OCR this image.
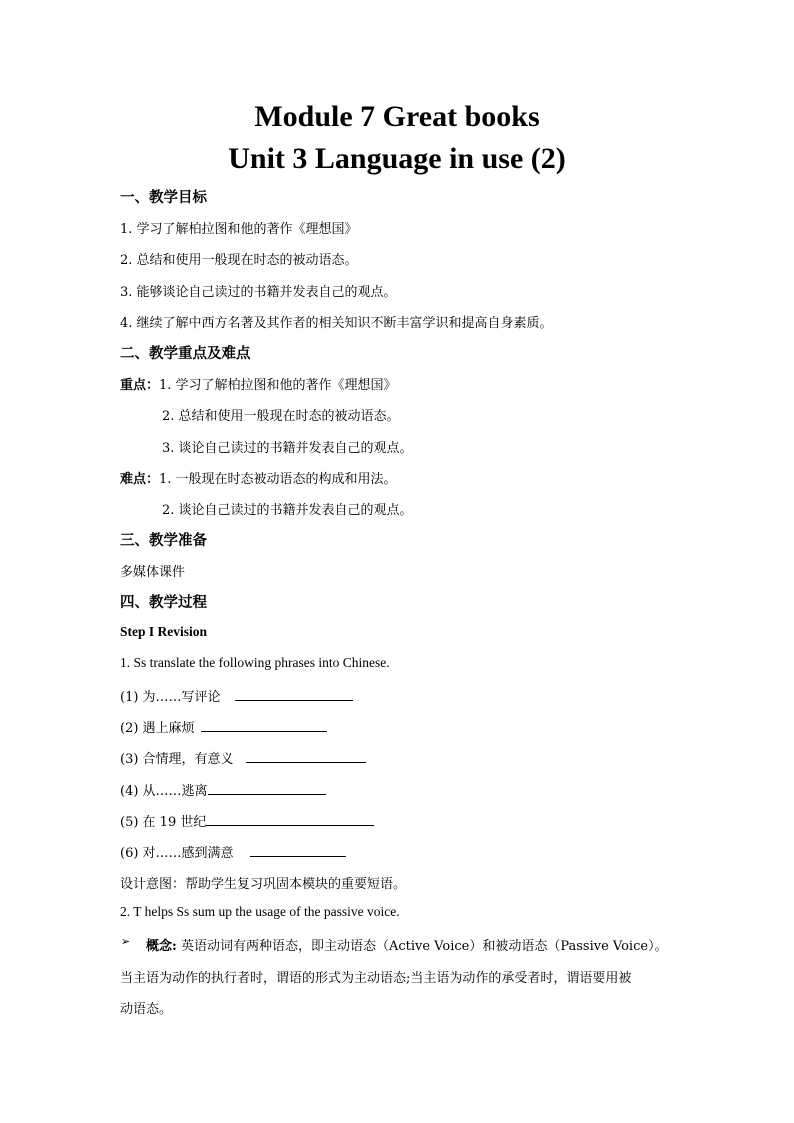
Module 7 Great books
Unit 3 Language in use (2)
一、教学目标
1. 学习了解柏拉图和他的著作《理想国》
2. 总结和使用一般现在时态的被动语态。
3. 能够谈论自己读过的书籍并发表自己的观点。
4. 继续了解中西方名著及其作者的相关知识不断丰富学识和提高自身素质。
二、教学重点及难点
重点：1. 学习了解柏拉图和他的著作《理想国》
2. 总结和使用一般现在时态的被动语态。
3. 谈论自己读过的书籍并发表自己的观点。
难点：1. 一般现在时态被动语态的构成和用法。
2. 谈论自己读过的书籍并发表自己的观点。
三、教学准备
多媒体课件
四、教学过程
Step I Revision
1. Ss translate the following phrases into Chinese.
(1) 为……写评论
(2) 遇上麻烦
(3) 合情理，有意义
(4) 从……逃离
(5) 在 19 世纪
(6) 对……感到满意
设计意图：帮助学生复习巩固本模块的重要短语。
2. T helps Ss sum up the usage of the passive voice.
➢ 概念: 英语动词有两种语态，即主动语态（Active Voice）和被动语态（Passive Voice）。
当主语为动作的执行者时，谓语的形式为主动语态;当主语为动作的承受者时，谓语要用被
动语态。
